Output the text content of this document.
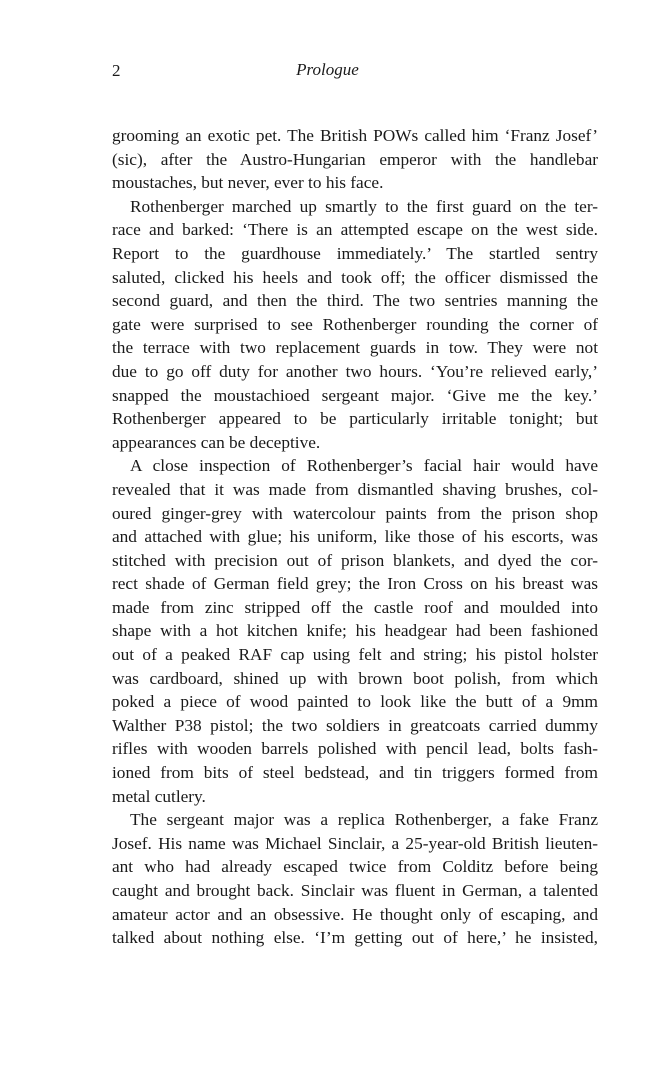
2	Prologue
grooming an exotic pet. The British POWs called him ‘Franz Josef’
(sic), after the Austro-Hungarian emperor with the handlebar
moustaches, but never, ever to his face.
Rothenberger marched up smartly to the first guard on the ter-
race and barked: ‘There is an attempted escape on the west side.
Report to the guardhouse immediately.’ The startled sentry
saluted, clicked his heels and took off; the officer dismissed the
second guard, and then the third. The two sentries manning the
gate were surprised to see Rothenberger rounding the corner of
the terrace with two replacement guards in tow. They were not
due to go off duty for another two hours. ‘You’re relieved early,’
snapped the moustachioed sergeant major. ‘Give me the key.’
Rothenberger appeared to be particularly irritable tonight; but
appearances can be deceptive.
A close inspection of Rothenberger’s facial hair would have
revealed that it was made from dismantled shaving brushes, col-
oured ginger-grey with watercolour paints from the prison shop
and attached with glue; his uniform, like those of his escorts, was
stitched with precision out of prison blankets, and dyed the cor-
rect shade of German field grey; the Iron Cross on his breast was
made from zinc stripped off the castle roof and moulded into
shape with a hot kitchen knife; his headgear had been fashioned
out of a peaked RAF cap using felt and string; his pistol holster
was cardboard, shined up with brown boot polish, from which
poked a piece of wood painted to look like the butt of a 9mm
Walther P38 pistol; the two soldiers in greatcoats carried dummy
rifles with wooden barrels polished with pencil lead, bolts fash-
ioned from bits of steel bedstead, and tin triggers formed from
metal cutlery.
The sergeant major was a replica Rothenberger, a fake Franz
Josef. His name was Michael Sinclair, a 25-year-old British lieuten-
ant who had already escaped twice from Colditz before being
caught and brought back. Sinclair was fluent in German, a talented
amateur actor and an obsessive. He thought only of escaping, and
talked about nothing else. ‘I’m getting out of here,’ he insisted,
